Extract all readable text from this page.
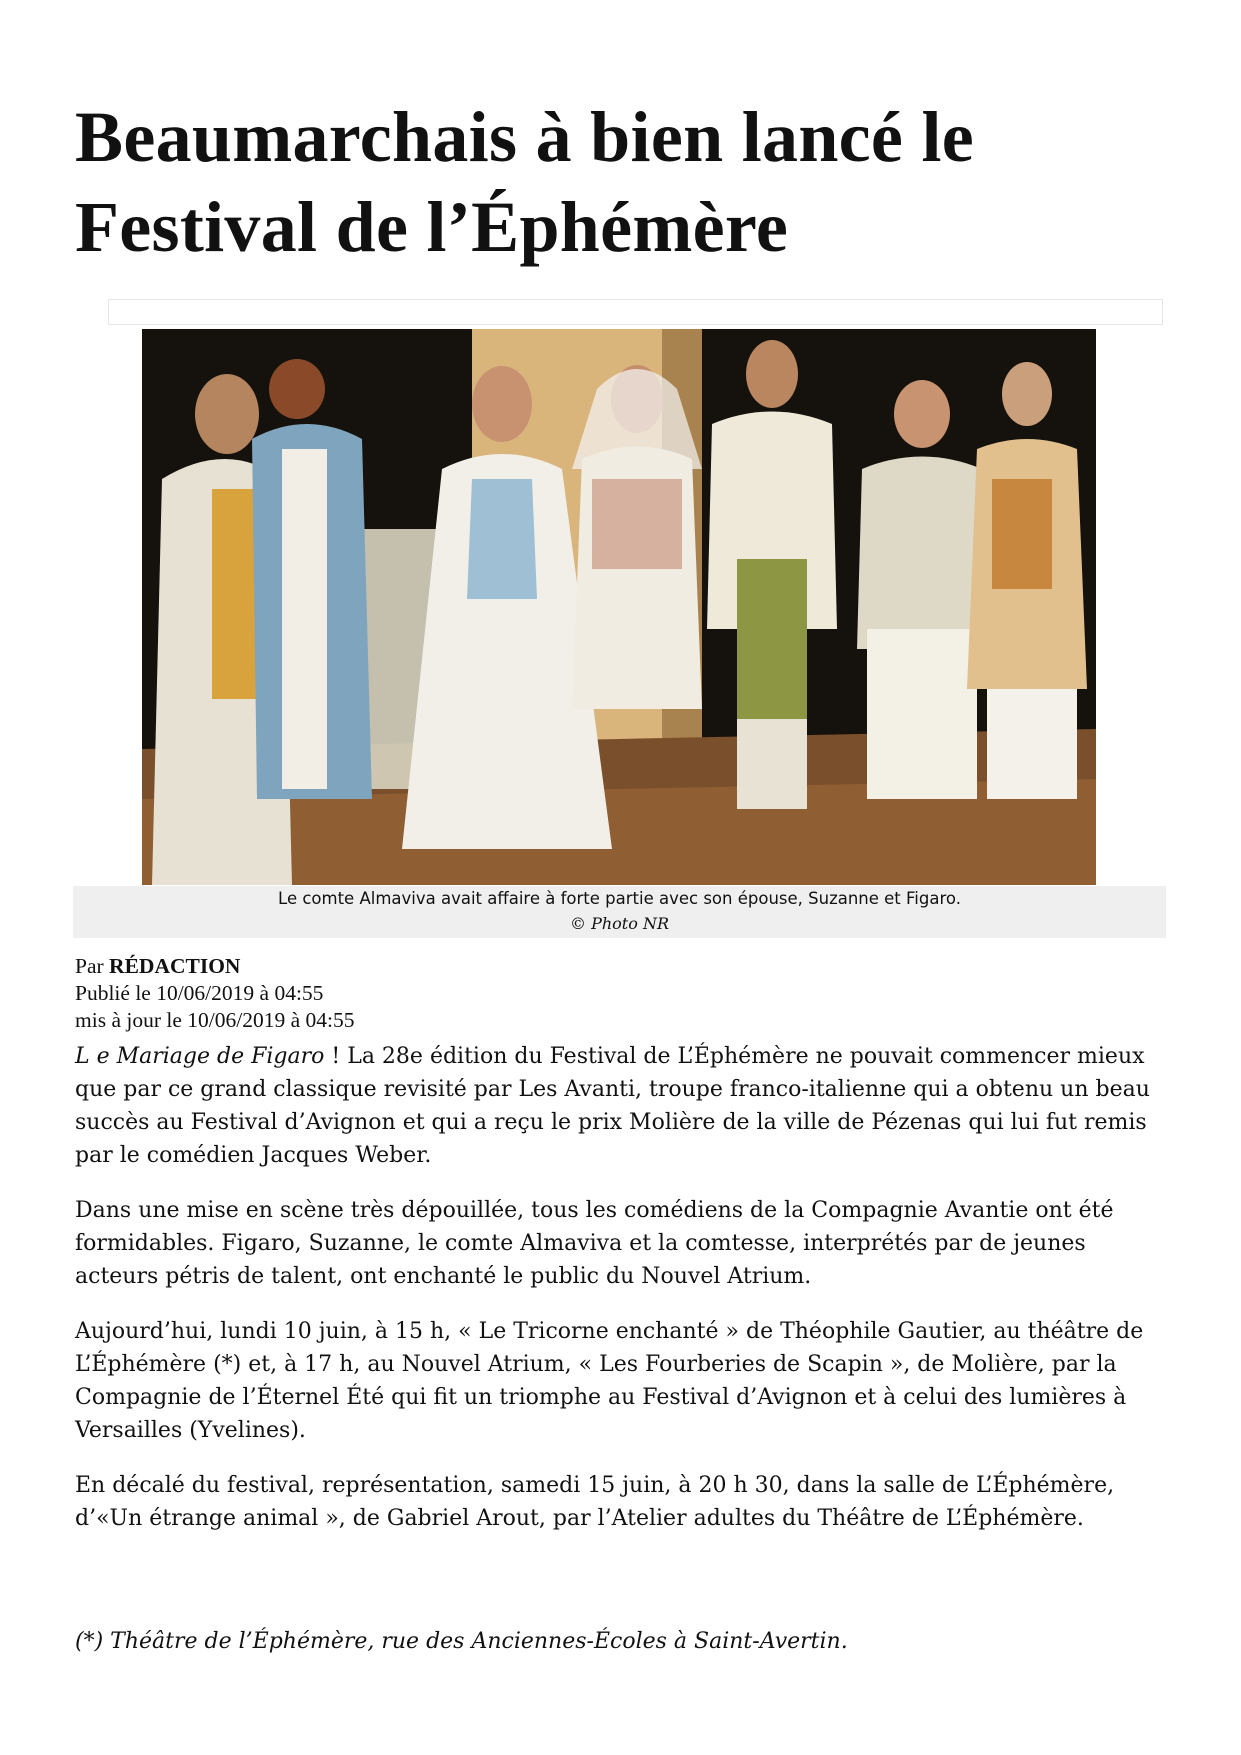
Beaumarchais à bien lancé le
Festival de l’Éphémère
Le comte Almaviva avait affaire à forte partie avec son épouse, Suzanne et Figaro.
© Photo NR
Par RÉDACTION
Publié le 10/06/2019 à 04:55
mis à jour le 10/06/2019 à 04:55

L e Mariage de Figaro ! La 28e édition du Festival de L’Éphémère ne pouvait commencer mieux que par ce grand classique revisité par Les Avanti, troupe franco-italienne qui a obtenu un beau succès au Festival d’Avignon et qui a reçu le prix Molière de la ville de Pézenas qui lui fut remis par le comédien Jacques Weber.

Dans une mise en scène très dépouillée, tous les comédiens de la Compagnie Avantie ont été formidables. Figaro, Suzanne, le comte Almaviva et la comtesse, interprétés par de jeunes acteurs pétris de talent, ont enchanté le public du Nouvel Atrium.

Aujourd’hui, lundi 10 juin, à 15 h, « Le Tricorne enchanté » de Théophile Gautier, au théâtre de L’Éphémère (*) et, à 17 h, au Nouvel Atrium, « Les Fourberies de Scapin », de Molière, par la Compagnie de l’Éternel Été qui fit un triomphe au Festival d’Avignon et à celui des lumières à Versailles (Yvelines).

En décalé du festival, représentation, samedi 15 juin, à 20 h 30, dans la salle de L’Éphémère, d’«Un étrange animal », de Gabriel Arout, par l’Atelier adultes du Théâtre de L’Éphémère.

(*) Théâtre de l’Éphémère, rue des Anciennes-Écoles à Saint-Avertin.
